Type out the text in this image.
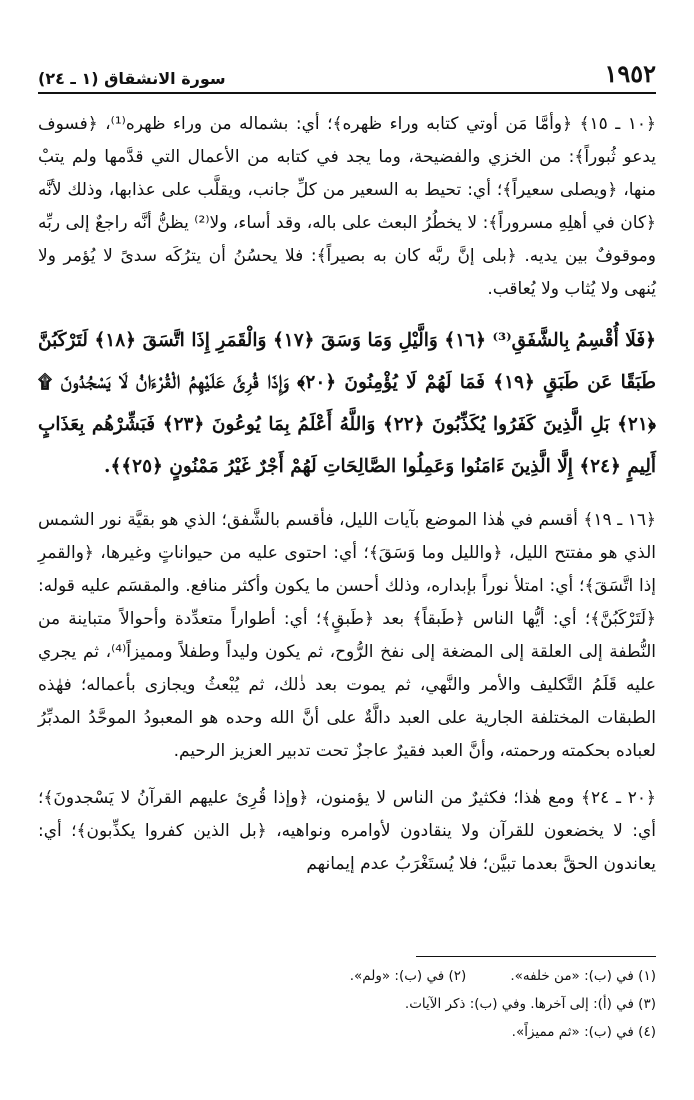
١٩٥٢
سورة الانشقاق (١ ـ ٢٤)

﴿١٠ ـ ١٥﴾ ﴿وأمَّا مَن أوتي كتابه وراء ظهره﴾؛ أي: بشماله من وراء ظهره⁽¹⁾، ﴿فسوف يدعو ثُبوراً﴾: من الخزي والفضيحة، وما يجد في كتابه من الأعمال التي قدَّمها ولم يتبْ منها، ﴿ويصلى سعيراً﴾؛ أي: تحيط به السعير من كلِّ جانب، ويقلَّب على عذابها، وذلك لأنَّه ﴿كان في أهلِهِ مسروراً﴾: لا يخطُرُ البعث على باله، وقد أساء، ولا⁽²⁾ يظنُّ أنَّه راجعٌ إلى ربِّه وموقوفٌ بين يديه. ﴿بلى إنَّ ربَّه كان به بصيراً﴾: فلا يحسُنُ أن يترُكَه سدىً لا يُؤمر ولا يُنهى ولا يُثاب ولا يُعاقب.

﴿فَلَا أُقْسِمُ بِالشَّفَقِ⁽³⁾ ﴿١٦﴾ وَالَّيْلِ وَمَا وَسَقَ ﴿١٧﴾ وَالْقَمَرِ إِذَا اتَّسَقَ ﴿١٨﴾ لَتَرْكَبُنَّ طَبَقًا عَن طَبَقٍ ﴿١٩﴾ فَمَا لَهُمْ لَا يُؤْمِنُونَ ﴿٢٠﴾ وَإِذَا قُرِئَ عَلَيْهِمُ الْقُرْءَانُ لَا يَسْجُدُونَ ۩ ﴿٢١﴾ بَلِ الَّذِينَ كَفَرُوا يُكَذِّبُونَ ﴿٢٢﴾ وَاللَّهُ أَعْلَمُ بِمَا يُوعُونَ ﴿٢٣﴾ فَبَشِّرْهُم بِعَذَابٍ أَلِيمٍ ﴿٢٤﴾ إِلَّا الَّذِينَ ءَامَنُوا وَعَمِلُوا الصَّالِحَاتِ لَهُمْ أَجْرٌ غَيْرُ مَمْنُونٍ ﴿٢٥﴾﴾.

﴿١٦ ـ ١٩﴾ أقسم في هٰذا الموضع بآيات الليل، فأقسم بالشَّفق؛ الذي هو بقيَّة نور الشمس الذي هو مفتتح الليل، ﴿والليل وما وَسَقَ﴾؛ أي: احتوى عليه من حيواناتٍ وغيرها، ﴿والقمرِ إذا اتَّسَقَ﴾؛ أي: امتلأ نوراً بإبداره، وذلك أحسن ما يكون وأكثر منافع. والمقسَم عليه قوله: ﴿لَتَرْكَبُنَّ﴾؛ أي: أيُّها الناس ﴿طَبقاً﴾ بعد ﴿طَبقٍ﴾؛ أي: أطواراً متعدِّدة وأحوالاً متباينة من النُّطفة إلى العلقة إلى المضغة إلى نفخ الرُّوح، ثم يكون وليداً وطفلاً ومميزاً⁽⁴⁾، ثم يجري عليه قَلَمُ التَّكليف والأمر والنَّهي، ثم يموت بعد ذٰلك، ثم يُبْعثُ ويجازى بأعماله؛ فهٰذه الطبقات المختلفة الجارية على العبد دالَّةٌ على أنَّ الله وحده هو المعبودُ الموحَّدُ المدبِّرُ لعباده بحكمته ورحمته، وأنَّ العبد فقيرٌ عاجزٌ تحت تدبير العزيز الرحيم.

﴿٢٠ ـ ٢٤﴾ ومع هٰذا؛ فكثيرٌ من الناس لا يؤمنون، ﴿وإذا قُرِئ عليهم القرآنُ لا يَسْجدونَ﴾؛ أي: لا يخضعون للقرآن ولا ينقادون لأوامره ونواهيه، ﴿بل الذين كفروا يكذِّبون﴾؛ أي: يعاندون الحقَّ بعدما تبيَّن؛ فلا يُستَغْرَبُ عدم إيمانهم

(١) في (ب): «من خلفه».
(٢) في (ب): «ولم».
(٣) في (أ): إلى آخرها. وفي (ب): ذكر الآيات.
(٤) في (ب): «ثم مميزاً».
